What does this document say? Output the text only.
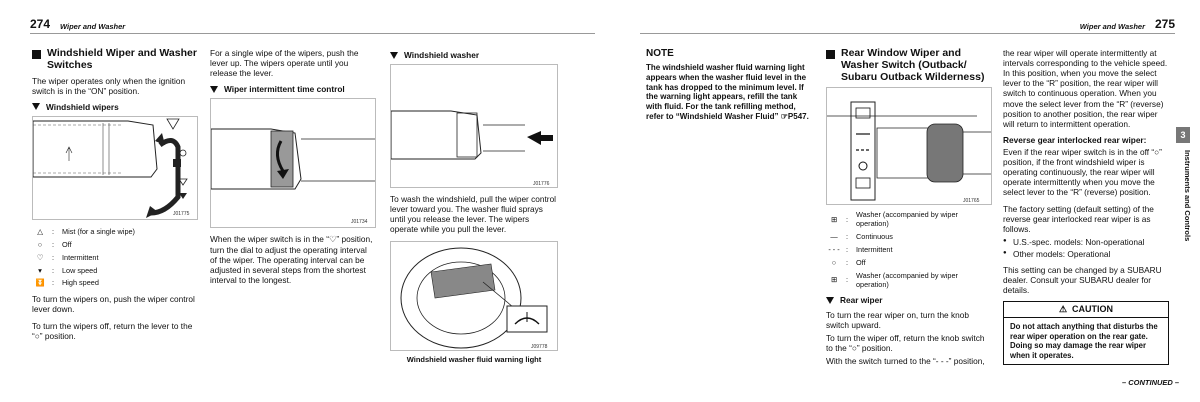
274 Wiper and Washer
Windshield Wiper and Washer Switches

The wiper operates only when the ignition switch is in the “ON” position.

Windshield wipers
J01775
△	:	Mist (for a single wipe)
○	:	Off
♡	:	Intermittent
▾	:	Low speed
⏬	:	High speed

To turn the wipers on, push the wiper control lever down.

To turn the wipers off, return the lever to the “○” position.

For a single wipe of the wipers, push the lever up. The wipers operate until you release the lever.

Wiper intermittent time control
J01734

When the wiper switch is in the “♡” position, turn the dial to adjust the operating interval of the wiper. The operating interval can be adjusted in several steps from the shortest interval to the longest.

Windshield washer
J01776

To wash the windshield, pull the wiper control lever toward you. The washer fluid sprays until you release the lever. The wipers operate while you pull the lever.

J09778
Windshield washer fluid warning light
Wiper and Washer 275
NOTE

The windshield washer fluid warning light appears when the washer fluid level in the tank has dropped to the minimum level. If the warning light appears, refill the tank with fluid. For the tank refilling method, refer to “Windshield Washer Fluid” ☞P547.

Rear Window Wiper and Washer Switch (Outback/ Subaru Outback Wilderness)
J01765
⊞	:	Washer (accompanied by wiper operation)
—	:	Continuous
- - - :	Intermittent
○	:	Off
⊞	:	Washer (accompanied by wiper operation)
Rear wiper

To turn the rear wiper on, turn the knob switch upward.

To turn the wiper off, return the knob switch to the “○” position.

With the switch turned to the “- - -” position,

the rear wiper will operate intermittently at intervals corresponding to the vehicle speed. In this position, when you move the select lever to the “R” position, the rear wiper will switch to continuous operation. When you move the select lever from the “R” (reverse) position to another position, the rear wiper will return to intermittent operation.

Reverse gear interlocked rear wiper:

Even if the rear wiper switch is in the off “○” position, if the front windshield wiper is operating continuously, the rear wiper will operate intermittently when you move the select lever to the “R” (reverse) position.

The factory setting (default setting) of the reverse gear interlocked rear wiper is as follows.

● U.S.-spec. models: Non-operational
● Other models: Operational

This setting can be changed by a SUBARU dealer. Consult your SUBARU dealer for details.

⚠ CAUTION
Do not attach anything that disturbs the rear wiper operation on the rear gate. Doing so may damage the rear wiper when it operates.
3
Instruments and Controls
– CONTINUED –
